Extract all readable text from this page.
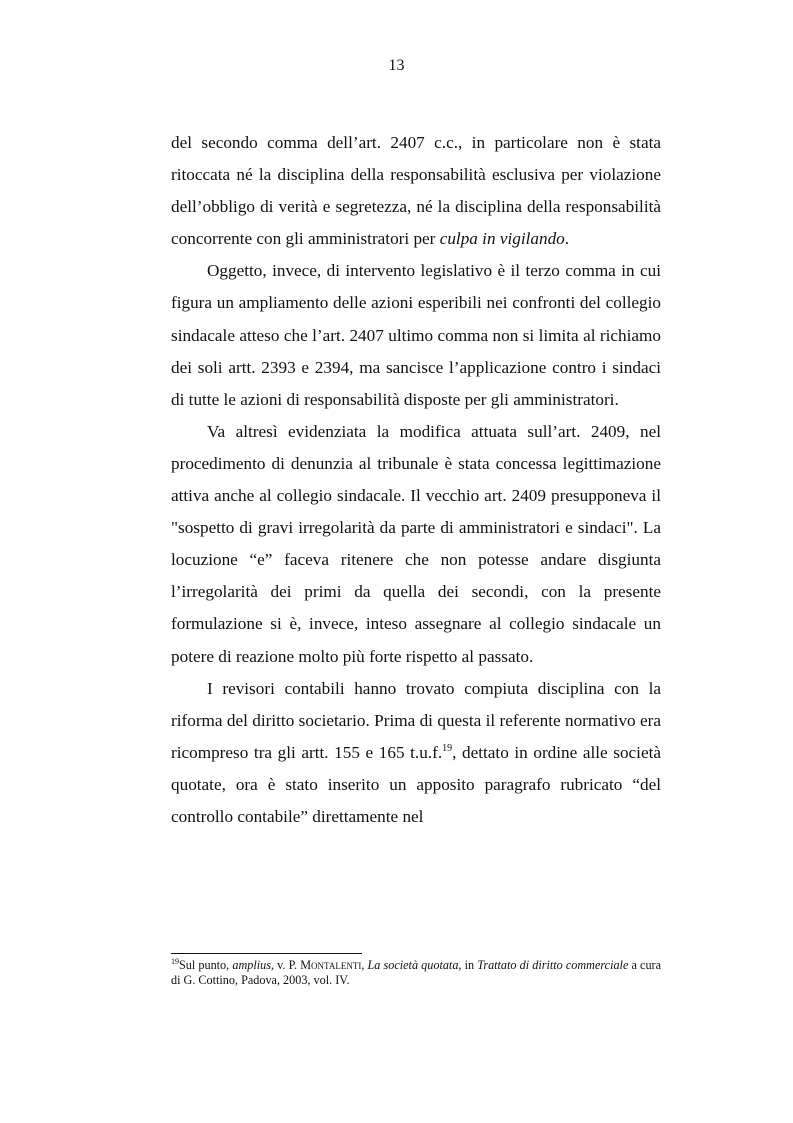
13

del secondo comma dell’art. 2407 c.c., in particolare non è stata ritoccata né la disciplina della responsabilità esclusiva per violazione dell’obbligo di verità e segretezza, né la disciplina della responsabilità concorrente con gli amministratori per culpa in vigilando.

Oggetto, invece, di intervento legislativo è il terzo comma in cui figura un ampliamento delle azioni esperibili nei confronti del collegio sindacale atteso che l’art. 2407 ultimo comma non si limita al richiamo dei soli artt. 2393 e 2394, ma sancisce l’applicazione contro i sindaci di tutte le azioni di responsabilità disposte per gli amministratori.

Va altresì evidenziata la modifica attuata sull’art. 2409, nel procedimento di denunzia al tribunale è stata concessa legittimazione attiva anche al collegio sindacale. Il vecchio art. 2409 presupponeva il "sospetto di gravi irregolarità da parte di amministratori e sindaci". La locuzione “e” faceva ritenere che non potesse andare disgiunta l’irregolarità dei primi da quella dei secondi, con la presente formulazione si è, invece, inteso assegnare al collegio sindacale un potere di reazione molto più forte rispetto al passato.

I revisori contabili hanno trovato compiuta disciplina con la riforma del diritto societario. Prima di questa il referente normativo era ricompreso tra gli artt. 155 e 165 t.u.f.$^{19}$, dettato in ordine alle società quotate, ora è stato inserito un apposito paragrafo rubricato “del controllo contabile” direttamente nel

$^{19}$Sul punto, amplius, v. P. Montalenti, La società quotata, in Trattato di diritto commerciale a cura di G. Cottino, Padova, 2003, vol. IV.
